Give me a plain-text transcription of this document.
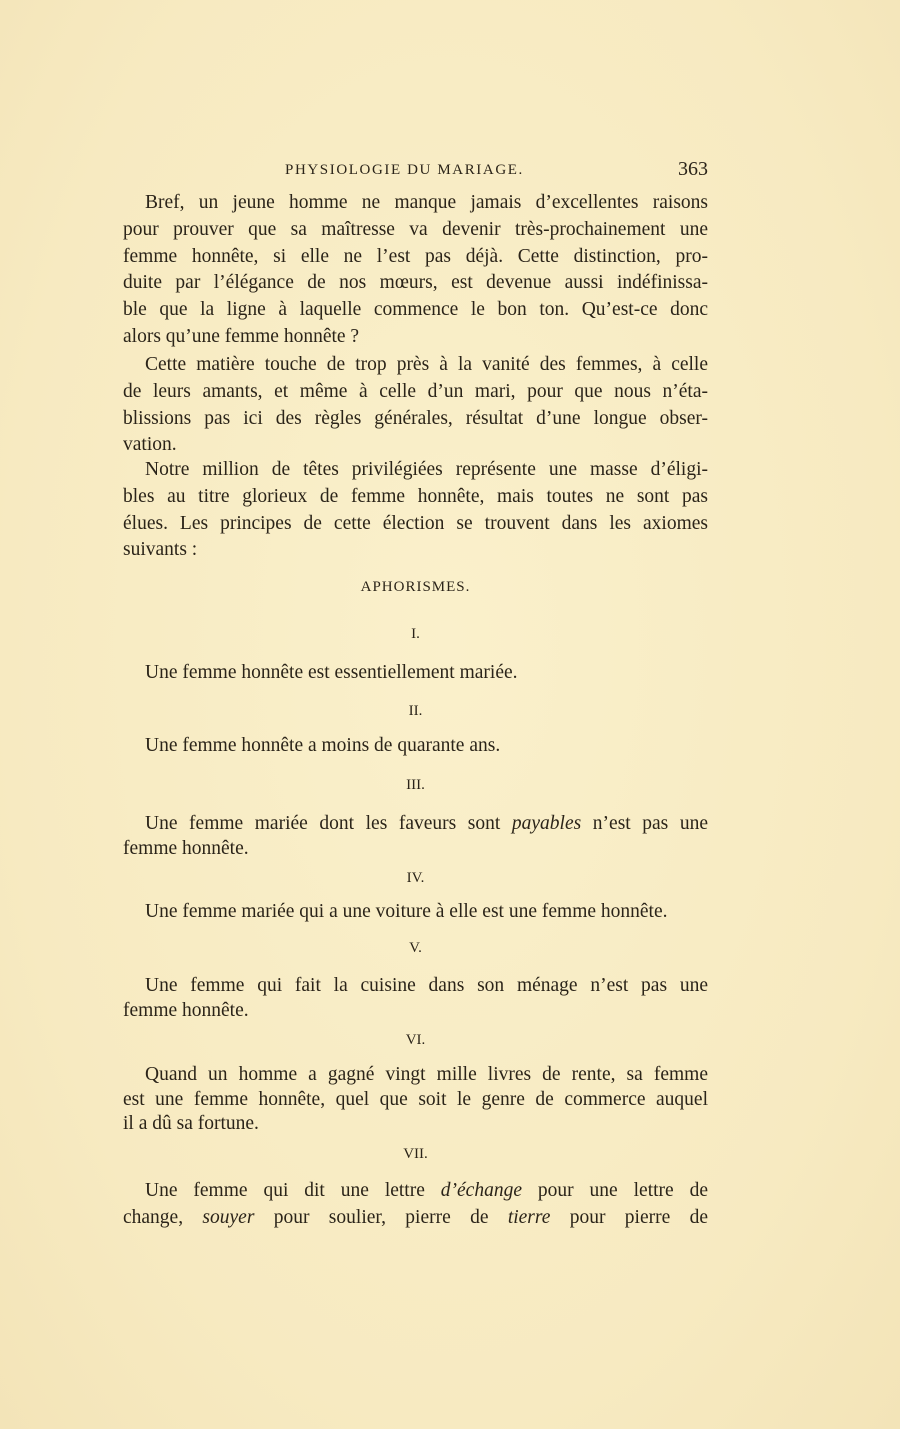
PHYSIOLOGIE DU MARIAGE.	363
Bref, un jeune homme ne manque jamais d’excellentes raisons
pour prouver que sa maîtresse va devenir très-prochainement une
femme honnête, si elle ne l’est pas déjà. Cette distinction, pro-
duite par l’élégance de nos mœurs, est devenue aussi indéfinissa-
ble que la ligne à laquelle commence le bon ton. Qu’est-ce donc
alors qu’une femme honnête ?
Cette matière touche de trop près à la vanité des femmes, à celle
de leurs amants, et même à celle d’un mari, pour que nous n’éta-
blissions pas ici des règles générales, résultat d’une longue obser-
vation.
Notre million de têtes privilégiées représente une masse d’éligi-
bles au titre glorieux de femme honnête, mais toutes ne sont pas
élues. Les principes de cette élection se trouvent dans les axiomes
suivants :
APHORISMES.
I.
Une femme honnête est essentiellement mariée.
II.
Une femme honnête a moins de quarante ans.
III.
Une femme mariée dont les faveurs sont payables n’est pas une
femme honnête.
IV.
Une femme mariée qui a une voiture à elle est une femme honnête.
V.
Une femme qui fait la cuisine dans son ménage n’est pas une
femme honnête.
VI.
Quand un homme a gagné vingt mille livres de rente, sa femme
est une femme honnête, quel que soit le genre de commerce auquel
il a dû sa fortune.
VII.
Une femme qui dit une lettre d’échange pour une lettre de
change, souyer pour soulier, pierre de tierre pour pierre de
